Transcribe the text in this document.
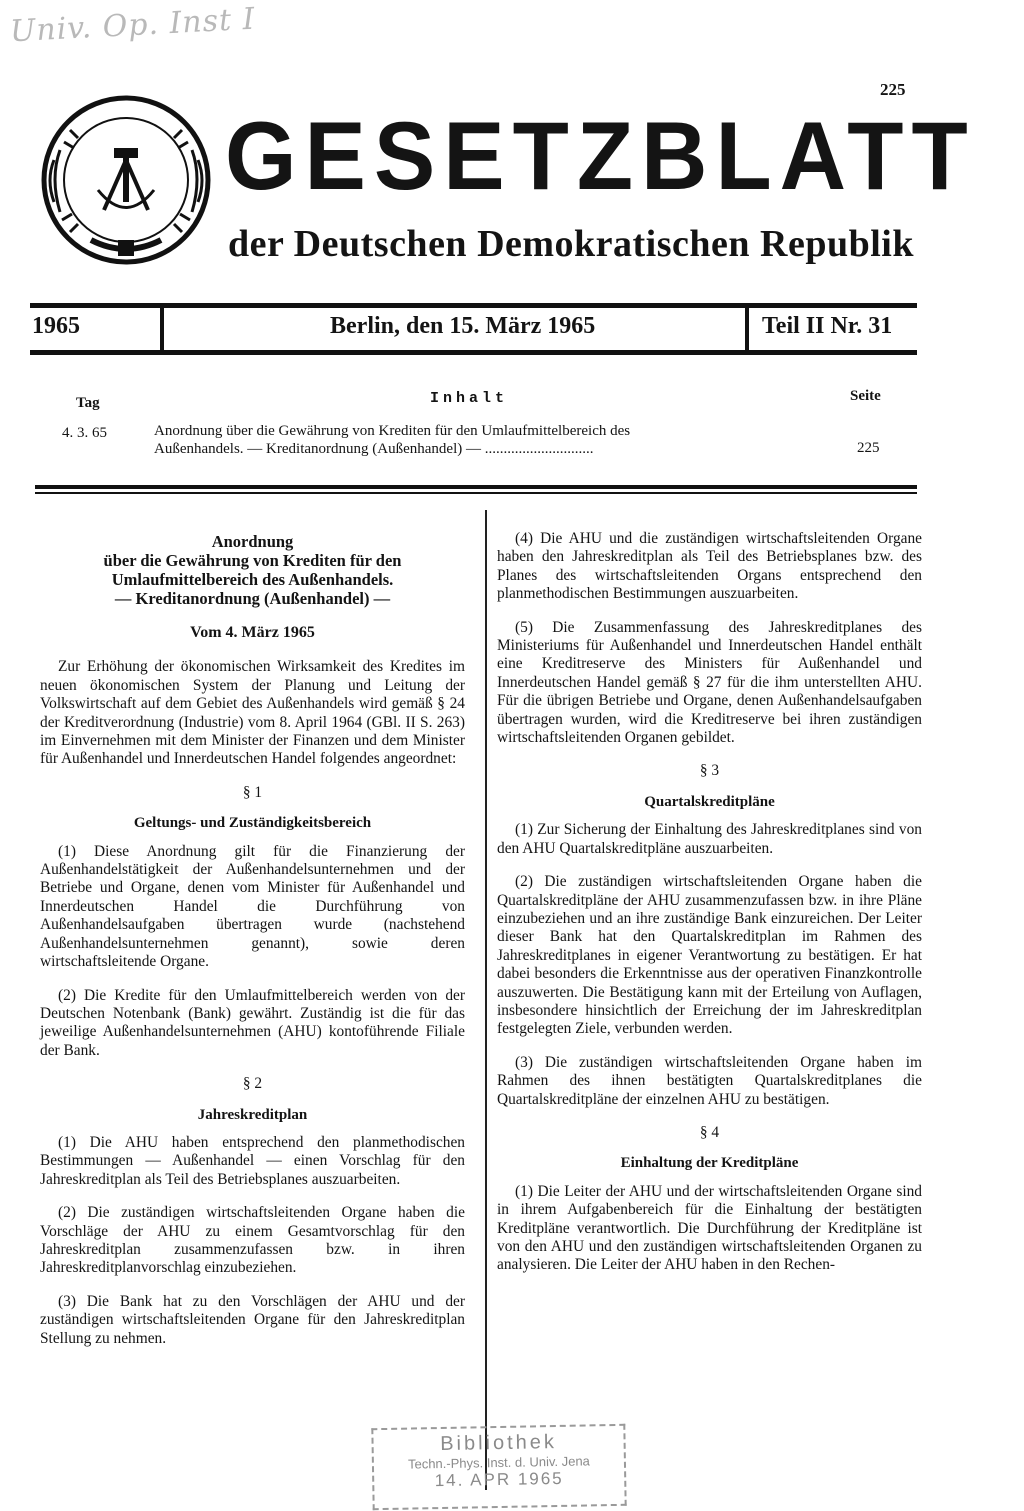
Univ. Op. Inst I
225
GESETZBLATT
der Deutschen Demokratischen Republik
1965	Berlin, den 15. März 1965	Teil II Nr. 31
Tag	Inhalt	Seite
4. 3. 65	Anordnung über die Gewährung von Krediten für den Umlaufmittelbereich des
Außenhandels. — Kreditanordnung (Außenhandel) — .............................	225

Anordnung

über die Gewährung von Krediten für den

Umlaufmittelbereich des Außenhandels.

— Kreditanordnung (Außenhandel) —

Vom 4. März 1965

Zur Erhöhung der ökonomischen Wirksamkeit des Kredites im neuen ökonomischen System der Planung und Leitung der Volkswirtschaft auf dem Gebiet des Außenhandels wird gemäß § 24 der Kreditverordnung (Industrie) vom 8. April 1964 (GBl. II S. 263) im Einvernehmen mit dem Minister der Finanzen und dem Minister für Außenhandel und Innerdeutschen Handel folgendes angeordnet:

§ 1

Geltungs- und Zuständigkeitsbereich

(1) Diese Anordnung gilt für die Finanzierung der Außenhandelstätigkeit der Außenhandelsunternehmen und der Betriebe und Organe, denen vom Minister für Außenhandel und Innerdeutschen Handel die Durchführung von Außenhandelsaufgaben übertragen wurde (nachstehend Außenhandelsunternehmen genannt), sowie deren wirtschaftsleitende Organe.

(2) Die Kredite für den Umlaufmittelbereich werden von der Deutschen Notenbank (Bank) gewährt. Zuständig ist die für das jeweilige Außenhandelsunternehmen (AHU) kontoführende Filiale der Bank.

§ 2

Jahreskreditplan

(1) Die AHU haben entsprechend den planmethodischen Bestimmungen — Außenhandel — einen Vorschlag für den Jahreskreditplan als Teil des Betriebsplanes auszuarbeiten.

(2) Die zuständigen wirtschaftsleitenden Organe haben die Vorschläge der AHU zu einem Gesamtvorschlag für den Jahreskreditplan zusammenzufassen bzw. in ihren Jahreskreditplanvorschlag einzubeziehen.

(3) Die Bank hat zu den Vorschlägen der AHU und der zuständigen wirtschaftsleitenden Organe für den Jahreskreditplan Stellung zu nehmen.

(4) Die AHU und die zuständigen wirtschaftsleitenden Organe haben den Jahreskreditplan als Teil des Betriebsplanes bzw. des Planes des wirtschaftsleitenden Organs entsprechend den planmethodischen Bestimmungen auszuarbeiten.

(5) Die Zusammenfassung des Jahreskreditplanes des Ministeriums für Außenhandel und Innerdeutschen Handel enthält eine Kreditreserve des Ministers für Außenhandel und Innerdeutschen Handel gemäß § 27 für die ihm unterstellten AHU. Für die übrigen Betriebe und Organe, denen Außenhandelsaufgaben übertragen wurden, wird die Kreditreserve bei ihren zuständigen wirtschaftsleitenden Organen gebildet.

§ 3

Quartalskreditpläne

(1) Zur Sicherung der Einhaltung des Jahreskreditplanes sind von den AHU Quartalskreditpläne auszuarbeiten.

(2) Die zuständigen wirtschaftsleitenden Organe haben die Quartalskreditpläne der AHU zusammenzufassen bzw. in ihre Pläne einzubeziehen und an ihre zuständige Bank einzureichen. Der Leiter dieser Bank hat den Quartalskreditplan im Rahmen des Jahreskreditplanes in eigener Verantwortung zu bestätigen. Er hat dabei besonders die Erkenntnisse aus der operativen Finanzkontrolle auszuwerten. Die Bestätigung kann mit der Erteilung von Auflagen, insbesondere hinsichtlich der Erreichung der im Jahreskreditplan festgelegten Ziele, verbunden werden.

(3) Die zuständigen wirtschaftsleitenden Organe haben im Rahmen des ihnen bestätigten Quartalskreditplanes die Quartalskreditpläne der einzelnen AHU zu bestätigen.

§ 4

Einhaltung der Kreditpläne

(1) Die Leiter der AHU und der wirtschaftsleitenden Organe sind in ihrem Aufgabenbereich für die Einhaltung der bestätigten Kreditpläne verantwortlich. Die Durchführung der Kreditpläne ist von den AHU und den zuständigen wirtschaftsleitenden Organen zu analysieren. Die Leiter der AHU haben in den Rechen-

Bibliothek
Techn.-Phys. Inst. d. Univ. Jena
14. APR 1965
